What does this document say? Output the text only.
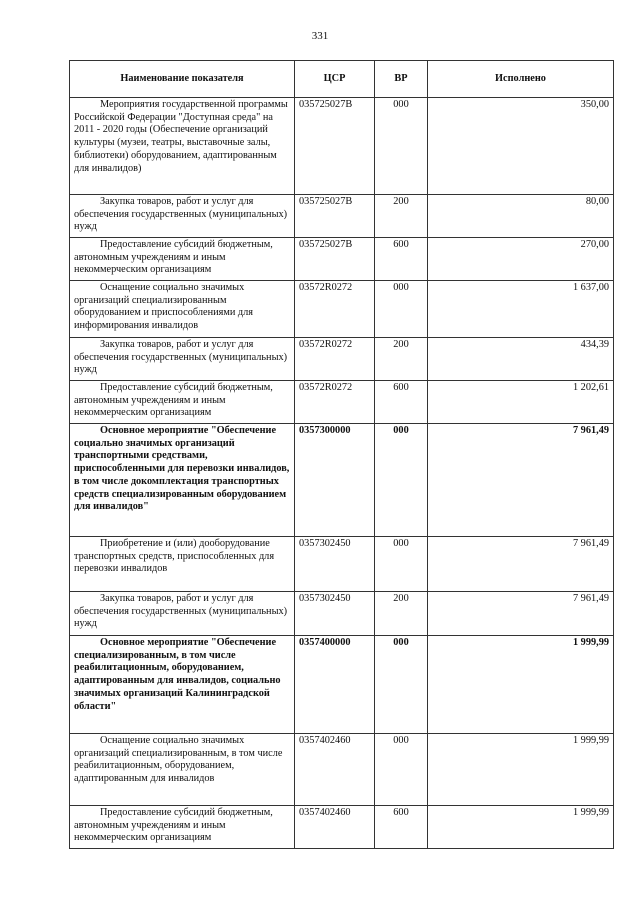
331
Наименование показателя	ЦСР	ВР	Исполнено
Мероприятия государственной программы Российской Федерации "Доступная среда" на 2011 - 2020 годы (Обеспечение организаций культуры (музеи, театры, выставочные залы, библиотеки) оборудованием, адаптированным для инвалидов)	035725027В	000	350,00
Закупка товаров, работ и услуг для обеспечения государственных (муниципальных) нужд	035725027В	200	80,00
Предоставление субсидий бюджетным, автономным учреждениям и иным некоммерческим организациям	035725027В	600	270,00
Оснащение социально значимых организаций специализированным оборудованием и приспособлениями для информирования инвалидов	03572R0272	000	1 637,00
Закупка товаров, работ и услуг для обеспечения государственных (муниципальных) нужд	03572R0272	200	434,39
Предоставление субсидий бюджетным, автономным учреждениям и иным некоммерческим организациям	03572R0272	600	1 202,61
Основное мероприятие "Обеспечение социально значимых организаций транспортными средствами, приспособленными для перевозки инвалидов, в том числе докомплектация транспортных средств специализированным оборудованием для инвалидов"	0357300000	000	7 961,49
Приобретение и (или) дооборудование транспортных средств, приспособленных для перевозки инвалидов	0357302450	000	7 961,49
Закупка товаров, работ и услуг для обеспечения государственных (муниципальных) нужд	0357302450	200	7 961,49
Основное мероприятие "Обеспечение специализированным, в том числе реабилитационным, оборудованием, адаптированным для инвалидов, социально значимых организаций Калининградской области"	0357400000	000	1 999,99
Оснащение социально значимых организаций специализированным, в том числе реабилитационным, оборудованием, адаптированным для инвалидов	0357402460	000	1 999,99
Предоставление субсидий бюджетным, автономным учреждениям и иным некоммерческим организациям	0357402460	600	1 999,99
